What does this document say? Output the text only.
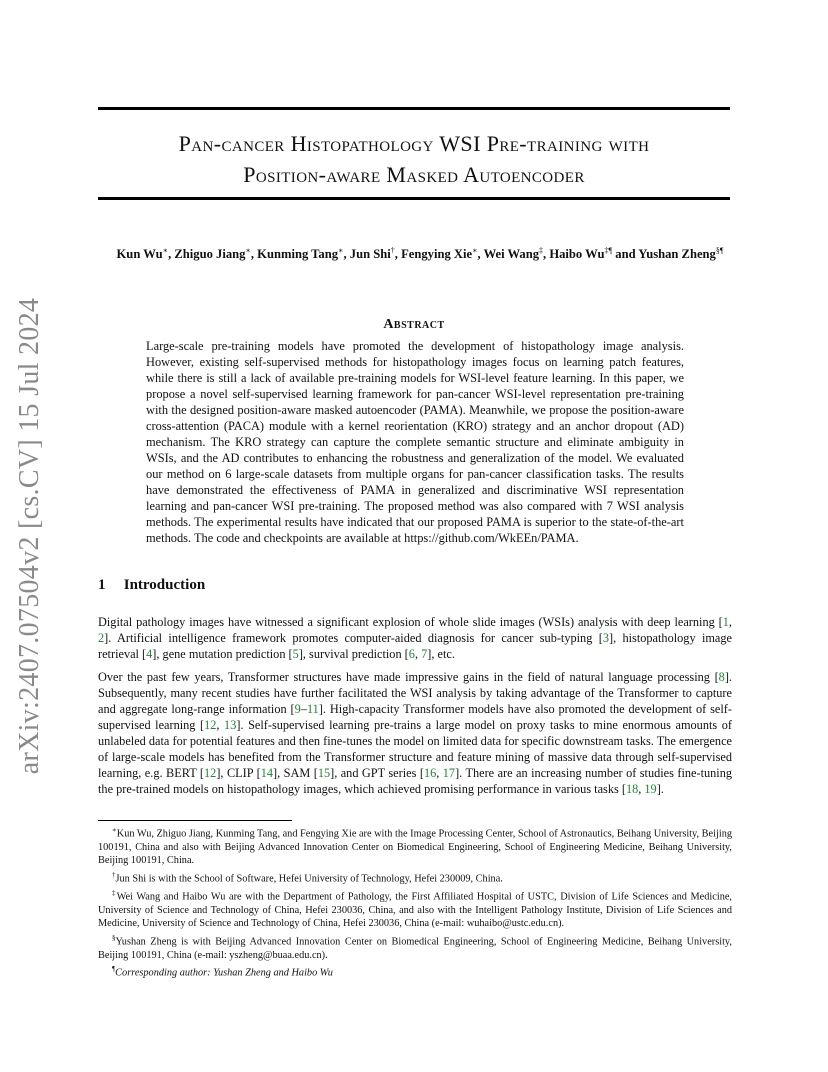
arXiv:2407.07504v2 [cs.CV] 15 Jul 2024
Pan-cancer Histopathology WSI Pre-training with
Position-aware Masked Autoencoder
Kun Wu∗, Zhiguo Jiang∗, Kunming Tang∗, Jun Shi†, Fengying Xie∗, Wei Wang‡, Haibo Wu‡¶ and Yushan Zheng§¶
Abstract

Large-scale pre-training models have promoted the development of histopathology image analysis. However, existing self-supervised methods for histopathology images focus on learning patch features, while there is still a lack of available pre-training models for WSI-level feature learning. In this paper, we propose a novel self-supervised learning framework for pan-cancer WSI-level representation pre-training with the designed position-aware masked autoencoder (PAMA). Meanwhile, we propose the position-aware cross-attention (PACA) module with a kernel reorientation (KRO) strategy and an anchor dropout (AD) mechanism. The KRO strategy can capture the complete semantic structure and eliminate ambiguity in WSIs, and the AD contributes to enhancing the robustness and generalization of the model. We evaluated our method on 6 large-scale datasets from multiple organs for pan-cancer classification tasks. The results have demonstrated the effectiveness of PAMA in generalized and discriminative WSI representation learning and pan-cancer WSI pre-training. The proposed method was also compared with 7 WSI analysis methods. The experimental results have indicated that our proposed PAMA is superior to the state-of-the-art methods. The code and checkpoints are available at https://github.com/WkEEn/PAMA.

1 Introduction

Digital pathology images have witnessed a significant explosion of whole slide images (WSIs) analysis with deep learning [1, 2]. Artificial intelligence framework promotes computer-aided diagnosis for cancer sub-typing [3], histopathology image retrieval [4], gene mutation prediction [5], survival prediction [6, 7], etc.

Over the past few years, Transformer structures have made impressive gains in the field of natural language processing [8]. Subsequently, many recent studies have further facilitated the WSI analysis by taking advantage of the Transformer to capture and aggregate long-range information [9–11]. High-capacity Transformer models have also promoted the development of self-supervised learning [12, 13]. Self-supervised learning pre-trains a large model on proxy tasks to mine enormous amounts of unlabeled data for potential features and then fine-tunes the model on limited data for specific downstream tasks. The emergence of large-scale models has benefited from the Transformer structure and feature mining of massive data through self-supervised learning, e.g. BERT [12], CLIP [14], SAM [15], and GPT series [16, 17]. There are an increasing number of studies fine-tuning the pre-trained models on histopathology images, which achieved promising performance in various tasks [18, 19].

∗Kun Wu, Zhiguo Jiang, Kunming Tang, and Fengying Xie are with the Image Processing Center, School of Astronautics, Beihang University, Beijing 100191, China and also with Beijing Advanced Innovation Center on Biomedical Engineering, School of Engineering Medicine, Beihang University, Beijing 100191, China.

†Jun Shi is with the School of Software, Hefei University of Technology, Hefei 230009, China.

‡Wei Wang and Haibo Wu are with the Department of Pathology, the First Affiliated Hospital of USTC, Division of Life Sciences and Medicine, University of Science and Technology of China, Hefei 230036, China, and also with the Intelligent Pathology Institute, Division of Life Sciences and Medicine, University of Science and Technology of China, Hefei 230036, China (e-mail: wuhaibo@ustc.edu.cn).

§Yushan Zheng is with Beijing Advanced Innovation Center on Biomedical Engineering, School of Engineering Medicine, Beihang University, Beijing 100191, China (e-mail: yszheng@buaa.edu.cn).

¶Corresponding author: Yushan Zheng and Haibo Wu
